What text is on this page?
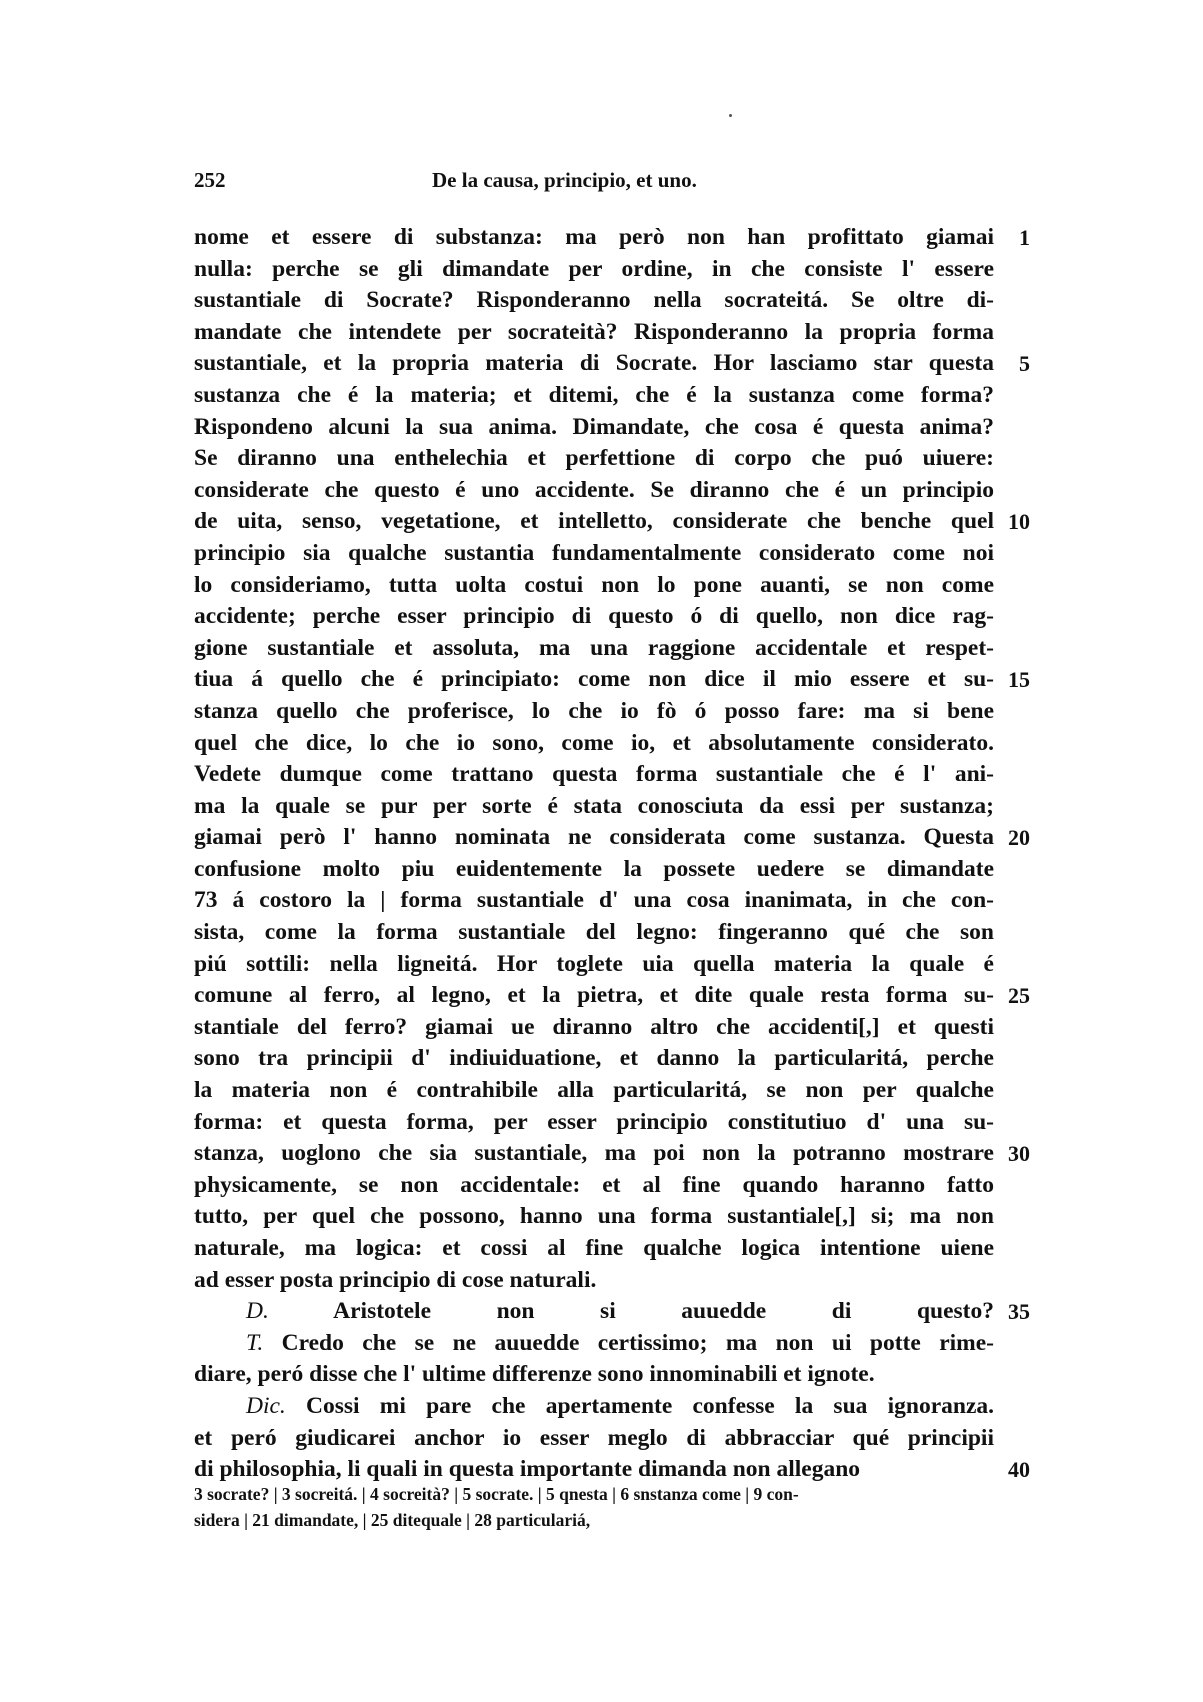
252	De la causa, principio, et uno.
nome et essere di substanza: ma però non han profittato giamai	1
nulla: perche se gli dimandate per ordine, in che consiste l' essere
sustantiale di Socrate? Risponderanno nella socrateitá. Se oltre di-
mandate che intendete per socrateità? Risponderanno la propria forma
sustantiale, et la propria materia di Socrate. Hor lasciamo star questa	5
sustanza che é la materia; et ditemi, che é la sustanza come forma?
Rispondeno alcuni la sua anima. Dimandate, che cosa é questa anima?
Se diranno una enthelechia et perfettione di corpo che puó uiuere:
considerate che questo é uno accidente. Se diranno che é un principio
de uita, senso, vegetatione, et intelletto, considerate che benche quel 10
principio sia qualche sustantia fundamentalmente considerato come noi
lo consideriamo, tutta uolta costui non lo pone auanti, se non come
accidente; perche esser principio di questo ó di quello, non dice rag-
gione sustantiale et assoluta, ma una raggione accidentale et respet-
tiua á quello che é principiato: come non dice il mio essere et su- 15
stanza quello che proferisce, lo che io fò ó posso fare: ma si bene
quel che dice, lo che io sono, come io, et absolutamente considerato.
Vedete dumque come trattano questa forma sustantiale che é l' ani-
ma la quale se pur per sorte é stata conosciuta da essi per sustanza;
giamai però l' hanno nominata ne considerata come sustanza. Questa 20
confusione molto piu euidentemente la possete uedere se dimandate
73 á costoro la | forma sustantiale d' una cosa inanimata, in che con-
sista, come la forma sustantiale del legno: fingeranno qué che son
piú sottili: nella ligneitá. Hor toglete uia quella materia la quale é
comune al ferro, al legno, et la pietra, et dite quale resta forma su- 25
stantiale del ferro? giamai ue diranno altro che accidenti[,] et questi
sono tra principii d' indiuiduatione, et danno la particularitá, perche
la materia non é contrahibile alla particularitá, se non per qualche
forma: et questa forma, per esser principio constitutiuo d' una su-
stanza, uoglono che sia sustantiale, ma poi non la potranno mostrare 30
physicamente, se non accidentale: et al fine quando haranno fatto
tutto, per quel che possono, hanno una forma sustantiale[,] si; ma non
naturale, ma logica: et cossi al fine qualche logica intentione uiene
ad esser posta principio di cose naturali.
D. Aristotele non si auuedde di questo? 35
T. Credo che se ne auuedde certissimo; ma non ui potte rime-
diare, peró disse che l' ultime differenze sono innominabili et ignote.
Dic. Cossi mi pare che apertamente confesse la sua ignoranza.
et peró giudicarei anchor io esser meglo di abbracciar qué principii
di philosophia, li quali in questa importante dimanda non allegano	40
3 socrate? | 3 socreitá. | 4 socreità? | 5 socrate. | 5 qnesta | 6 snstanza come | 9 con-
sidera | 21 dimandate, | 25 ditequale | 28 particulariá,
